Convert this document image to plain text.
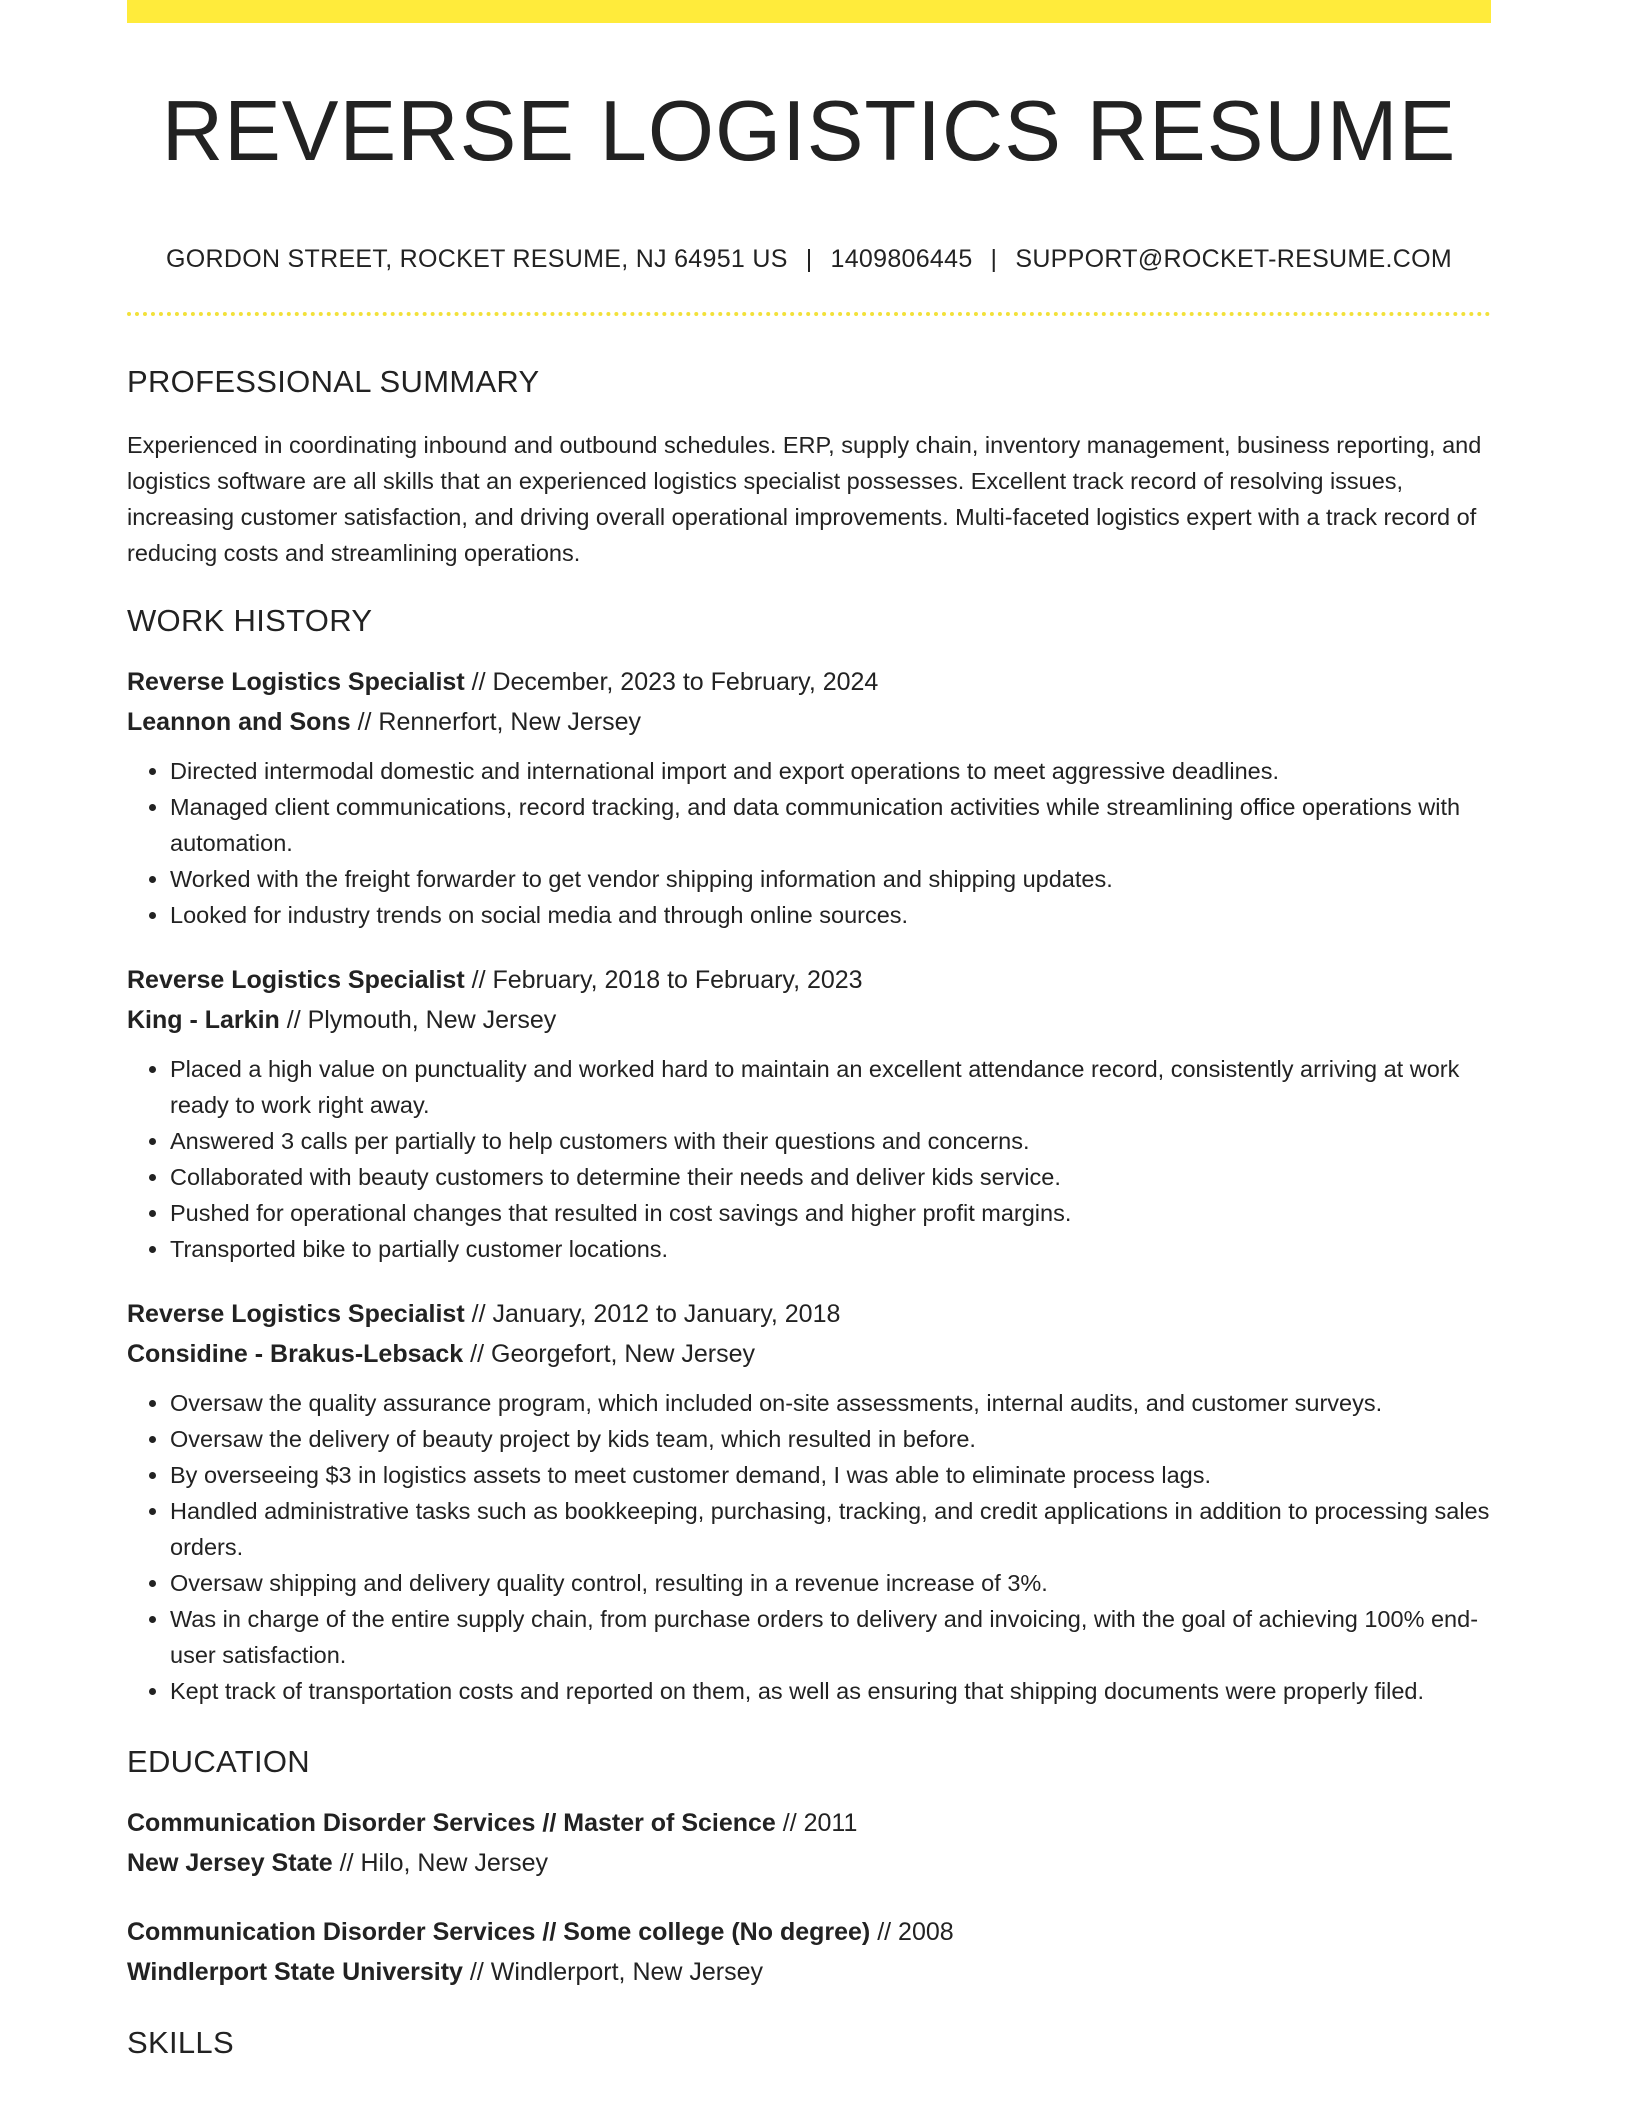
REVERSE LOGISTICS RESUME
GORDON STREET, ROCKET RESUME, NJ 64951 US | 1409806445 | SUPPORT@ROCKET-RESUME.COM
PROFESSIONAL SUMMARY
Experienced in coordinating inbound and outbound schedules. ERP, supply chain, inventory management, business reporting, and logistics software are all skills that an experienced logistics specialist possesses. Excellent track record of resolving issues, increasing customer satisfaction, and driving overall operational improvements. Multi-faceted logistics expert with a track record of reducing costs and streamlining operations.
WORK HISTORY
Reverse Logistics Specialist // December, 2023 to February, 2024
Leannon and Sons // Rennerfort, New Jersey
• Directed intermodal domestic and international import and export operations to meet aggressive deadlines.
• Managed client communications, record tracking, and data communication activities while streamlining office operations with automation.
• Worked with the freight forwarder to get vendor shipping information and shipping updates.
• Looked for industry trends on social media and through online sources.
Reverse Logistics Specialist // February, 2018 to February, 2023
King - Larkin // Plymouth, New Jersey
• Placed a high value on punctuality and worked hard to maintain an excellent attendance record, consistently arriving at work ready to work right away.
• Answered 3 calls per partially to help customers with their questions and concerns.
• Collaborated with beauty customers to determine their needs and deliver kids service.
• Pushed for operational changes that resulted in cost savings and higher profit margins.
• Transported bike to partially customer locations.
Reverse Logistics Specialist // January, 2012 to January, 2018
Considine - Brakus-Lebsack // Georgefort, New Jersey
• Oversaw the quality assurance program, which included on-site assessments, internal audits, and customer surveys.
• Oversaw the delivery of beauty project by kids team, which resulted in before.
• By overseeing $3 in logistics assets to meet customer demand, I was able to eliminate process lags.
• Handled administrative tasks such as bookkeeping, purchasing, tracking, and credit applications in addition to processing sales orders.
• Oversaw shipping and delivery quality control, resulting in a revenue increase of 3%.
• Was in charge of the entire supply chain, from purchase orders to delivery and invoicing, with the goal of achieving 100% end-user satisfaction.
• Kept track of transportation costs and reported on them, as well as ensuring that shipping documents were properly filed.
EDUCATION
Communication Disorder Services // Master of Science // 2011
New Jersey State // Hilo, New Jersey
Communication Disorder Services // Some college (No degree) // 2008
Windlerport State University // Windlerport, New Jersey
SKILLS
